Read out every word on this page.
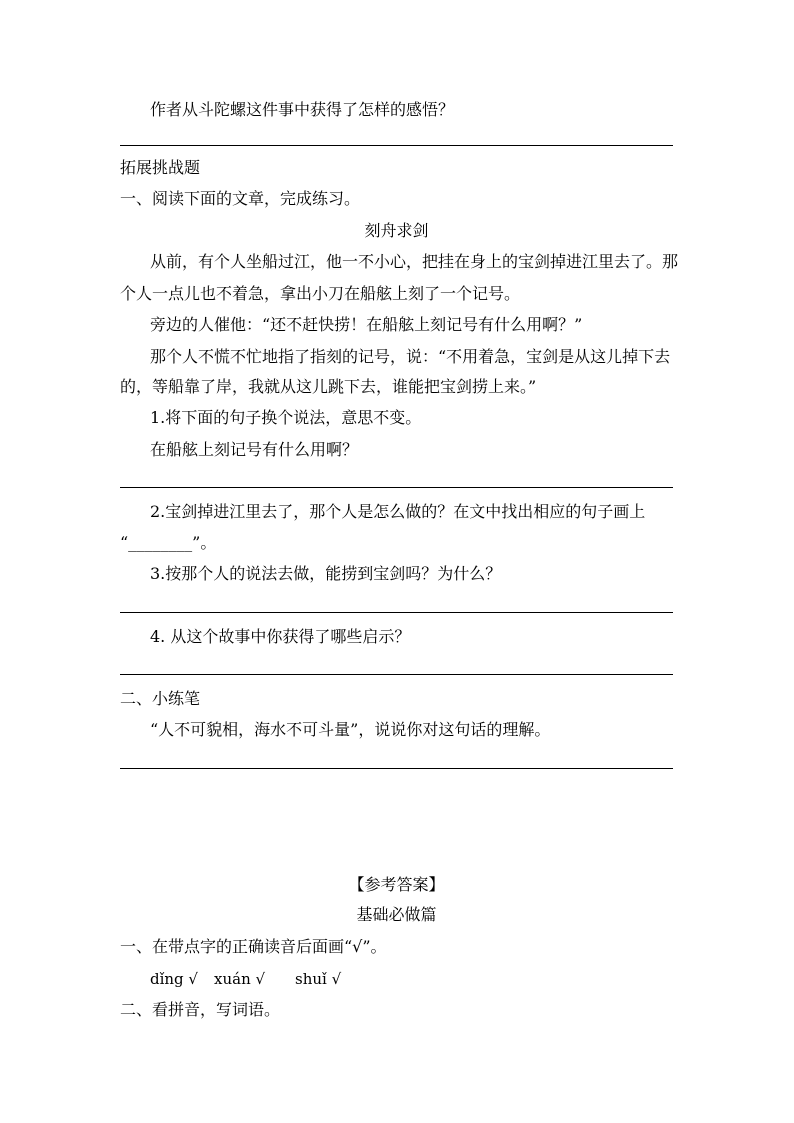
作者从斗陀螺这件事中获得了怎样的感悟？
拓展挑战题
一、阅读下面的文章，完成练习。
刻舟求剑
从前，有个人坐船过江，他一不小心，把挂在身上的宝剑掉进江里去了。那
个人一点儿也不着急，拿出小刀在船舷上刻了一个记号。
旁边的人催他：“还不赶快捞！在船舷上刻记号有什么用啊？”
那个人不慌不忙地指了指刻的记号，说：“不用着急，宝剑是从这儿掉下去
的，等船靠了岸，我就从这儿跳下去，谁能把宝剑捞上来。”
1.将下面的句子换个说法，意思不变。
在船舷上刻记号有什么用啊？
2.宝剑掉进江里去了，那个人是怎么做的？在文中找出相应的句子画上
“________”。
3.按那个人的说法去做，能捞到宝剑吗？为什么？
4. 从这个故事中你获得了哪些启示？
二、小练笔
“人不可貌相，海水不可斗量”，说说你对这句话的理解。
【参考答案】
基础必做篇
一、在带点字的正确读音后面画“√”。
dǐng √ xuán √ shuǐ √
二、看拼音，写词语。
